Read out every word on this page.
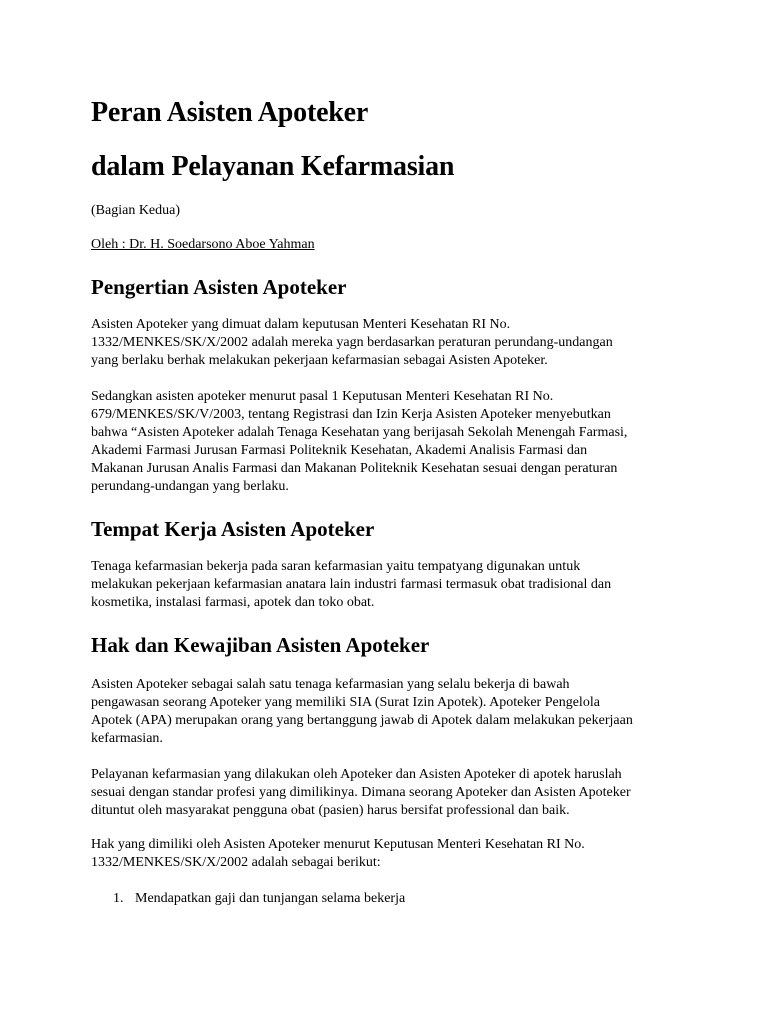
Peran Asisten Apoteker
dalam Pelayanan Kefarmasian
(Bagian Kedua)
Oleh : Dr. H. Soedarsono Aboe Yahman
Pengertian Asisten Apoteker
Asisten Apoteker yang dimuat dalam keputusan Menteri Kesehatan RI No.
1332/MENKES/SK/X/2002 adalah mereka yagn berdasarkan peraturan perundang-undangan
yang berlaku berhak melakukan pekerjaan kefarmasian sebagai Asisten Apoteker.
Sedangkan asisten apoteker menurut pasal 1 Keputusan Menteri Kesehatan RI No.
679/MENKES/SK/V/2003, tentang Registrasi dan Izin Kerja Asisten Apoteker menyebutkan
bahwa “Asisten Apoteker adalah Tenaga Kesehatan yang berijasah Sekolah Menengah Farmasi,
Akademi Farmasi Jurusan Farmasi Politeknik Kesehatan, Akademi Analisis Farmasi dan
Makanan Jurusan Analis Farmasi dan Makanan Politeknik Kesehatan sesuai dengan peraturan
perundang-undangan yang berlaku.
Tempat Kerja Asisten Apoteker
Tenaga kefarmasian bekerja pada saran kefarmasian yaitu tempatyang digunakan untuk
melakukan pekerjaan kefarmasian anatara lain industri farmasi termasuk obat tradisional dan
kosmetika, instalasi farmasi, apotek dan toko obat.
Hak dan Kewajiban Asisten Apoteker
Asisten Apoteker sebagai salah satu tenaga kefarmasian yang selalu bekerja di bawah
pengawasan seorang Apoteker yang memiliki SIA (Surat Izin Apotek). Apoteker Pengelola
Apotek (APA) merupakan orang yang bertanggung jawab di Apotek dalam melakukan pekerjaan
kefarmasian.
Pelayanan kefarmasian yang dilakukan oleh Apoteker dan Asisten Apoteker di apotek haruslah
sesuai dengan standar profesi yang dimilikinya. Dimana seorang Apoteker dan Asisten Apoteker
dituntut oleh masyarakat pengguna obat (pasien) harus bersifat professional dan baik.
Hak yang dimiliki oleh Asisten Apoteker menurut Keputusan Menteri Kesehatan RI No.
1332/MENKES/SK/X/2002 adalah sebagai berikut:
1. Mendapatkan gaji dan tunjangan selama bekerja
